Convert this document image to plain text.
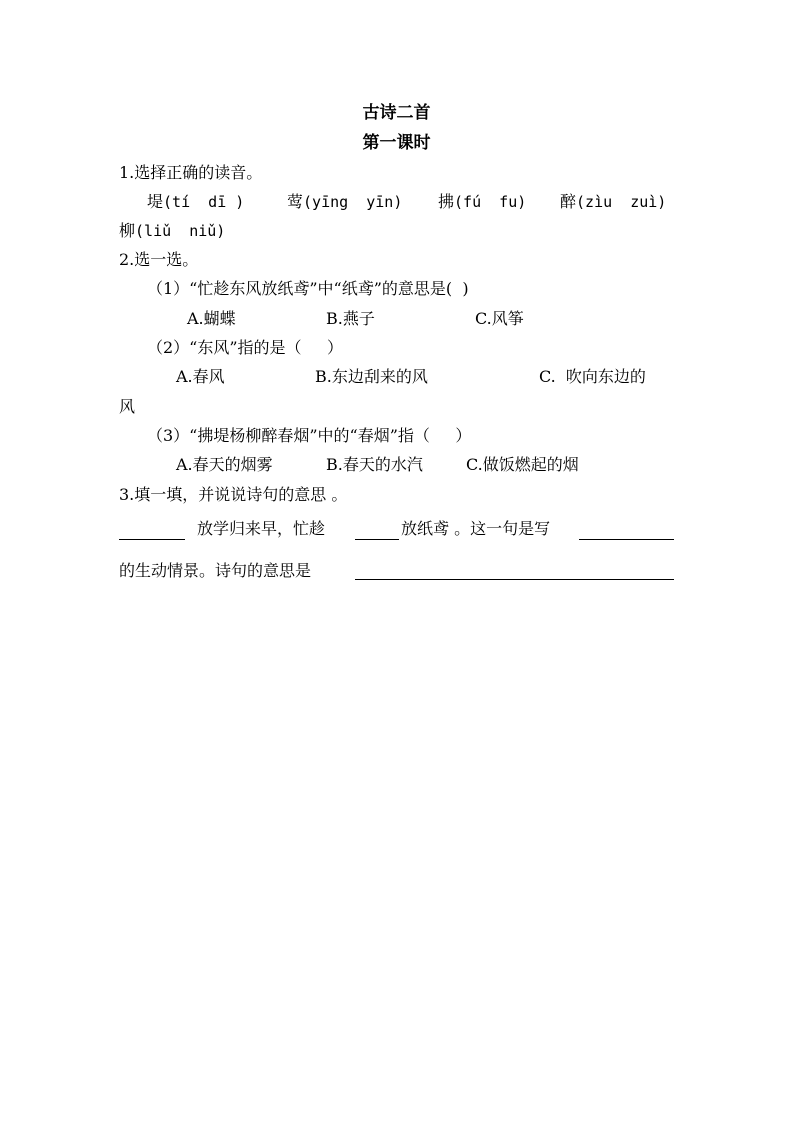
古诗二首
第一课时
1.选择正确的读音。
堤(tí  dī )	莺(yīng  yīn) 拂(fú  fu) 醉(zìu  zuì)
柳(liǔ  niǔ)
2.选一选。
（1）“忙趁东风放纸鸢”中“纸鸢”的意思是(  )
A.蝴蝶	B.燕子	C.风筝
（2）“东风”指的是（     ）
A.春风	B.东边刮来的风	C.  吹向东边的
风
（3）“拂堤杨柳醉春烟”中的“春烟”指（     ）
A.春天的烟雾	B.春天的水汽	C.做饭燃起的烟
3.填一填，并说说诗句的意思 。
放学归来早，忙趁	放纸鸢 。这一句是写
的生动情景。诗句的意思是
